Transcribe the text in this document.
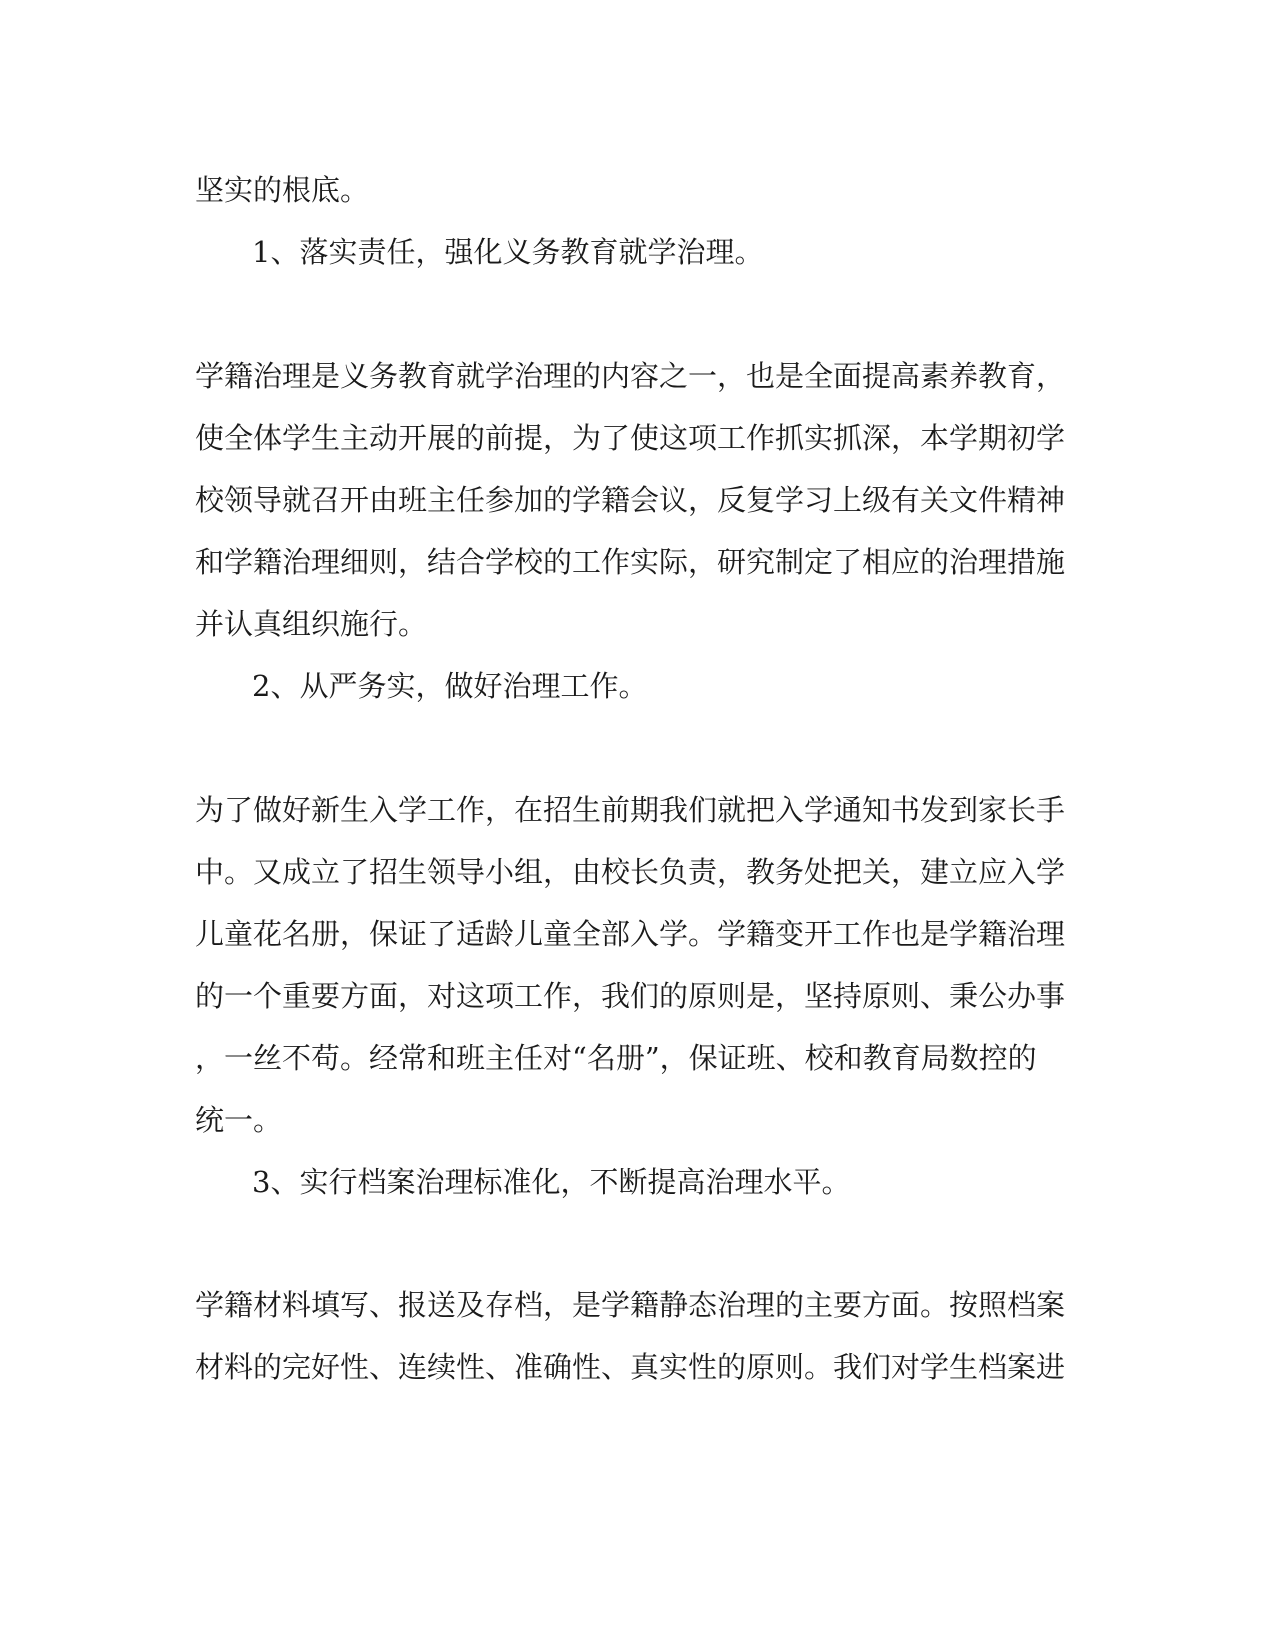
坚实的根底。

1、落实责任，强化义务教育就学治理。

学籍治理是义务教育就学治理的内容之一，也是全面提高素养教育，

使全体学生主动开展的前提，为了使这项工作抓实抓深，本学期初学

校领导就召开由班主任参加的学籍会议，反复学习上级有关文件精神

和学籍治理细则，结合学校的工作实际，研究制定了相应的治理措施

并认真组织施行。

2、从严务实，做好治理工作。

为了做好新生入学工作，在招生前期我们就把入学通知书发到家长手

中。又成立了招生领导小组，由校长负责，教务处把关，建立应入学

儿童花名册，保证了适龄儿童全部入学。学籍变开工作也是学籍治理

的一个重要方面，对这项工作，我们的原则是，坚持原则、秉公办事

，一丝不苟。经常和班主任对“名册”，保证班、校和教育局数控的

统一。

3、实行档案治理标准化，不断提高治理水平。

学籍材料填写、报送及存档，是学籍静态治理的主要方面。按照档案

材料的完好性、连续性、准确性、真实性的原则。我们对学生档案进
